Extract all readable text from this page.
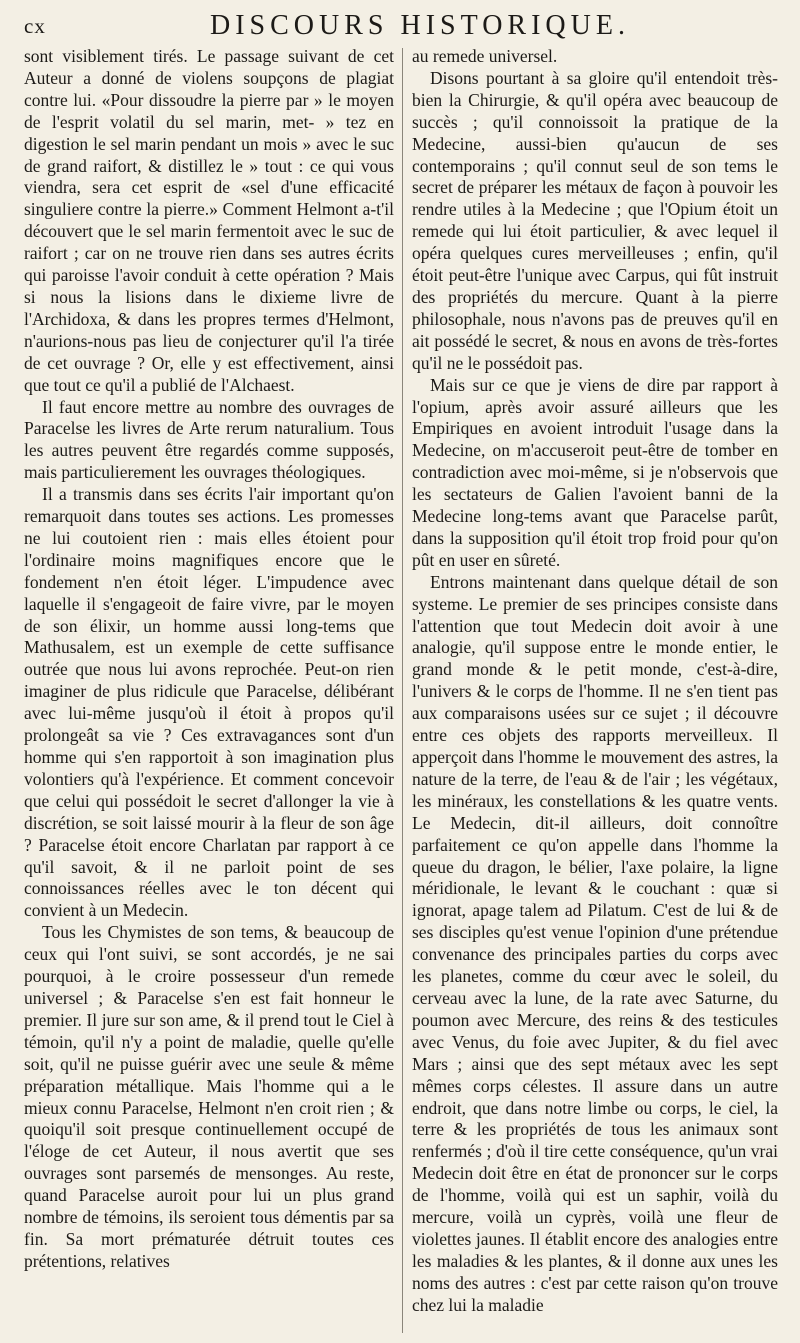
cx	DISCOURS HISTORIQUE.

sont visiblement tirés. Le passage suivant de cet Auteur a donné de violens soupçons de plagiat contre lui. «Pour dissoudre la pierre par » le moyen de l'esprit volatil du sel marin, met- » tez en digestion le sel marin pendant un mois » avec le suc de grand raifort, & distillez le » tout : ce qui vous viendra, sera cet esprit de «sel d'une efficacité singuliere contre la pierre.» Comment Helmont a-t'il découvert que le sel marin fermentoit avec le suc de raifort ; car on ne trouve rien dans ses autres écrits qui paroisse l'avoir conduit à cette opération ? Mais si nous la lisions dans le dixieme livre de l'Archidoxa, & dans les propres termes d'Helmont, n'aurions-nous pas lieu de conjecturer qu'il l'a tirée de cet ouvrage ? Or, elle y est effectivement, ainsi que tout ce qu'il a publié de l'Alchaest.

Il faut encore mettre au nombre des ouvrages de Paracelse les livres de Arte rerum naturalium. Tous les autres peuvent être regardés comme supposés, mais particulierement les ouvrages théologiques.

Il a transmis dans ses écrits l'air important qu'on remarquoit dans toutes ses actions. Les promesses ne lui coutoient rien : mais elles étoient pour l'ordinaire moins magnifiques encore que le fondement n'en étoit léger. L'impudence avec laquelle il s'engageoit de faire vivre, par le moyen de son élixir, un homme aussi long-tems que Mathusalem, est un exemple de cette suffisance outrée que nous lui avons reprochée. Peut-on rien imaginer de plus ridicule que Paracelse, délibérant avec lui-même jusqu'où il étoit à propos qu'il prolongeât sa vie ? Ces extravagances sont d'un homme qui s'en rapportoit à son imagination plus volontiers qu'à l'expérience. Et comment concevoir que celui qui possédoit le secret d'allonger la vie à discrétion, se soit laissé mourir à la fleur de son âge ? Paracelse étoit encore Charlatan par rapport à ce qu'il savoit, & il ne parloit point de ses connoissances réelles avec le ton décent qui convient à un Medecin.

Tous les Chymistes de son tems, & beaucoup de ceux qui l'ont suivi, se sont accordés, je ne sai pourquoi, à le croire possesseur d'un remede universel ; & Paracelse s'en est fait honneur le premier. Il jure sur son ame, & il prend tout le Ciel à témoin, qu'il n'y a point de maladie, quelle qu'elle soit, qu'il ne puisse guérir avec une seule & même préparation métallique. Mais l'homme qui a le mieux connu Paracelse, Helmont n'en croit rien ; & quoiqu'il soit presque continuellement occupé de l'éloge de cet Auteur, il nous avertit que ses ouvrages sont parsemés de mensonges. Au reste, quand Paracelse auroit pour lui un plus grand nombre de témoins, ils seroient tous démentis par sa fin. Sa mort prématurée détruit toutes ces prétentions, relatives

au remede universel.

Disons pourtant à sa gloire qu'il entendoit très-bien la Chirurgie, & qu'il opéra avec beaucoup de succès ; qu'il connoissoit la pratique de la Medecine, aussi-bien qu'aucun de ses contemporains ; qu'il connut seul de son tems le secret de préparer les métaux de façon à pouvoir les rendre utiles à la Medecine ; que l'Opium étoit un remede qui lui étoit particulier, & avec lequel il opéra quelques cures merveilleuses ; enfin, qu'il étoit peut-être l'unique avec Carpus, qui fût instruit des propriétés du mercure. Quant à la pierre philosophale, nous n'avons pas de preuves qu'il en ait possédé le secret, & nous en avons de très-fortes qu'il ne le possédoit pas.

Mais sur ce que je viens de dire par rapport à l'opium, après avoir assuré ailleurs que les Empiriques en avoient introduit l'usage dans la Medecine, on m'accuseroit peut-être de tomber en contradiction avec moi-même, si je n'observois que les sectateurs de Galien l'avoient banni de la Medecine long-tems avant que Paracelse parût, dans la supposition qu'il étoit trop froid pour qu'on pût en user en sûreté.

Entrons maintenant dans quelque détail de son systeme. Le premier de ses principes consiste dans l'attention que tout Medecin doit avoir à une analogie, qu'il suppose entre le monde entier, le grand monde & le petit monde, c'est-à-dire, l'univers & le corps de l'homme. Il ne s'en tient pas aux comparaisons usées sur ce sujet ; il découvre entre ces objets des rapports merveilleux. Il apperçoit dans l'homme le mouvement des astres, la nature de la terre, de l'eau & de l'air ; les végétaux, les minéraux, les constellations & les quatre vents. Le Medecin, dit-il ailleurs, doit connoître parfaitement ce qu'on appelle dans l'homme la queue du dragon, le bélier, l'axe polaire, la ligne méridionale, le levant & le couchant : quæ si ignorat, apage talem ad Pilatum. C'est de lui & de ses disciples qu'est venue l'opinion d'une prétendue convenance des principales parties du corps avec les planetes, comme du cœur avec le soleil, du cerveau avec la lune, de la rate avec Saturne, du poumon avec Mercure, des reins & des testicules avec Venus, du foie avec Jupiter, & du fiel avec Mars ; ainsi que des sept métaux avec les sept mêmes corps célestes. Il assure dans un autre endroit, que dans notre limbe ou corps, le ciel, la terre & les propriétés de tous les animaux sont renfermés ; d'où il tire cette conséquence, qu'un vrai Medecin doit être en état de prononcer sur le corps de l'homme, voilà qui est un saphir, voilà du mercure, voilà un cyprès, voilà une fleur de violettes jaunes. Il établit encore des analogies entre les maladies & les plantes, & il donne aux unes les noms des autres : c'est par cette raison qu'on trouve chez lui la maladie
